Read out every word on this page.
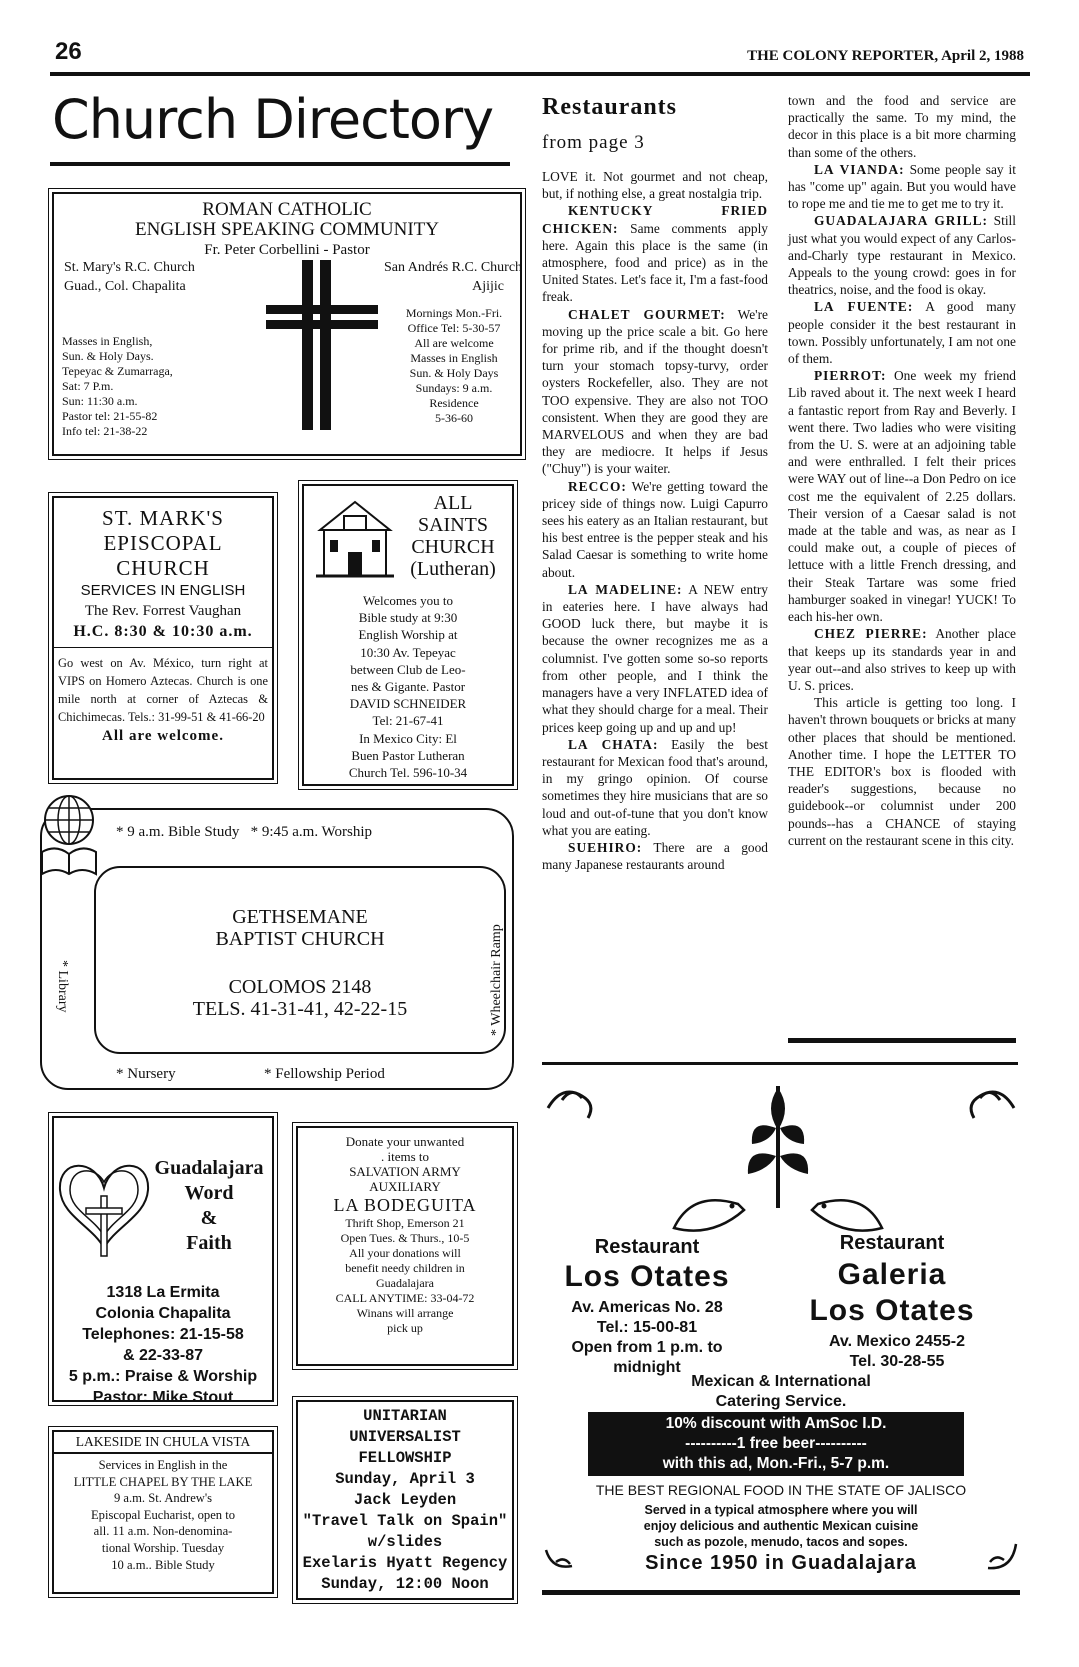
26	THE COLONY REPORTER, April 2, 1988
Church Directory
ROMAN CATHOLIC
ENGLISH SPEAKING COMMUNITY
Fr. Peter Corbellini - Pastor
St. Mary's R.C. Church
Guad., Col. Chapalita
Masses in English,
Sun. & Holy Days.
Tepeyac & Zumarraga,
Sat: 7 P.m.
Sun: 11:30 a.m.
Pastor tel: 21-55-82
Info tel: 21-38-22
San Andrés R.C. Church
Ajijic
Mornings Mon.-Fri.
Office Tel: 5-30-57
All are welcome
Masses in English
Sun. & Holy Days
Sundays: 9 a.m.
Residence
5-36-60
ST. MARK'S
EPISCOPAL
CHURCH
SERVICES IN ENGLISH
The Rev. Forrest Vaughan
H.C. 8:30 & 10:30 a.m.
Go west on Av. México, turn right at VIPS on Homero Aztecas. Church is one mile north at corner of Aztecas & Chichimecas. Tels.: 31-99-51 & 41-66-20
All are welcome.
ALL
SAINTS
CHURCH
(Lutheran)
Welcomes you to
Bible study at 9:30
English Worship at
10:30 Av. Tepeyac
between Club de Leo-
nes & Gigante. Pastor
DAVID SCHNEIDER
Tel: 21-67-41
In Mexico City: El
Buen Pastor Lutheran
Church Tel. 596-10-34
* 9 a.m. Bible Study   * 9:45 a.m. Worship
GETHSEMANE
BAPTIST CHURCH
COLOMOS 2148
TELS. 41-31-41, 42-22-15
* Library	* Wheelchair Ramp
* Nursery	* Fellowship Period
Guadalajara
Word
&
Faith
1318 La Ermita
Colonia Chapalita
Telephones: 21-15-58
& 22-33-87
5 p.m.: Praise & Worship
Pastor: Mike Stout
Donate your unwanted
. items to
SALVATION ARMY
AUXILIARY
LA BODEGUITA
Thrift Shop, Emerson 21
Open Tues. & Thurs., 10-5
All your donations will
benefit needy children in
Guadalajara
CALL ANYTIME: 33-04-72
Winans will arrange
pick up
LAKESIDE IN CHULA VISTA
Services in English in the
LITTLE CHAPEL BY THE LAKE
9 a.m. St. Andrew's
Episcopal Eucharist, open to
all. 11 a.m. Non-denomina-
tional Worship. Tuesday
10 a.m.. Bible Study
UNITARIAN
UNIVERSALIST
FELLOWSHIP
Sunday, April 3
Jack Leyden
"Travel Talk on Spain"
w/slides
Exelaris Hyatt Regency
Sunday, 12:00 Noon
Restaurants
from page 3

LOVE it. Not gourmet and not cheap, but, if nothing else, a great nostalgia trip.

KENTUCKY FRIED CHICKEN: Same comments apply here. Again this place is the same (in atmosphere, food and price) as in the United States. Let's face it, I'm a fast-food freak.

CHALET GOURMET: We're moving up the price scale a bit. Go here for prime rib, and if the thought doesn't turn your stomach topsy-turvy, order oysters Rockefeller, also. They are not TOO expensive. They are also not TOO consistent. When they are good they are MARVELOUS and when they are bad they are mediocre. It helps if Jesus ("Chuy") is your waiter.

RECCO: We're getting toward the pricey side of things now. Luigi Capurro sees his eatery as an Italian restaurant, but his best entree is the pepper steak and his Salad Caesar is something to write home about.

LA MADELINE: A NEW entry in eateries here. I have always had GOOD luck there, but maybe it is because the owner recognizes me as a columnist. I've gotten some so-so reports from other people, and I think the managers have a very INFLATED idea of what they should charge for a meal. Their prices keep going up and up and up!

LA CHATA: Easily the best restaurant for Mexican food that's around, in my gringo opinion. Of course sometimes they hire musicians that are so loud and out-of-tune that you don't know what you are eating.

SUEHIRO: There are a good many Japanese restaurants around

town and the food and service are practically the same. To my mind, the decor in this place is a bit more charming than some of the others.

LA VIANDA: Some people say it has "come up" again. But you would have to rope me and tie me to get me to try it.

GUADALAJARA GRILL: Still just what you would expect of any Carlos-and-Charly type restaurant in Mexico. Appeals to the young crowd: goes in for theatrics, noise, and the food is okay.

LA FUENTE: A good many people consider it the best restaurant in town. Possibly unfortunately, I am not one of them.

PIERROT: One week my friend Lib raved about it. The next week I heard a fantastic report from Ray and Beverly. I went there. Two ladies who were visiting from the U. S. were at an adjoining table and were enthralled. I felt their prices were WAY out of line--a Don Pedro on ice cost me the equivalent of 2.25 dollars. Their version of a Caesar salad is not made at the table and was, as near as I could make out, a couple of pieces of lettuce with a little French dressing, and their Steak Tartare was some fried hamburger soaked in vinegar! YUCK! To each his-her own.

CHEZ PIERRE: Another place that keeps up its standards year in and year out--and also strives to keep up with U. S. prices.

This article is getting too long. I haven't thrown bouquets or bricks at many other places that should be mentioned. Another time. I hope the LETTER TO THE EDITOR's box is flooded with reader's suggestions, because no guidebook--or columnist under 200 pounds--has a CHANCE of staying current on the restaurant scene in this city.

Restaurant
Los Otates
Av. Americas No. 28
Tel.: 15-00-81
Open from 1 p.m. to
midnight
Restaurant
Galeria
Los Otates
Av. Mexico 2455-2
Tel. 30-28-55
Mexican & International
Catering Service.
10% discount with AmSoc I.D.
----------1 free beer----------
with this ad, Mon.-Fri., 5-7 p.m.
THE BEST REGIONAL FOOD IN THE STATE OF JALISCO
Served in a typical atmosphere where you will
enjoy delicious and authentic Mexican cuisine
such as pozole, menudo, tacos and sopes.
Since 1950 in Guadalajara
